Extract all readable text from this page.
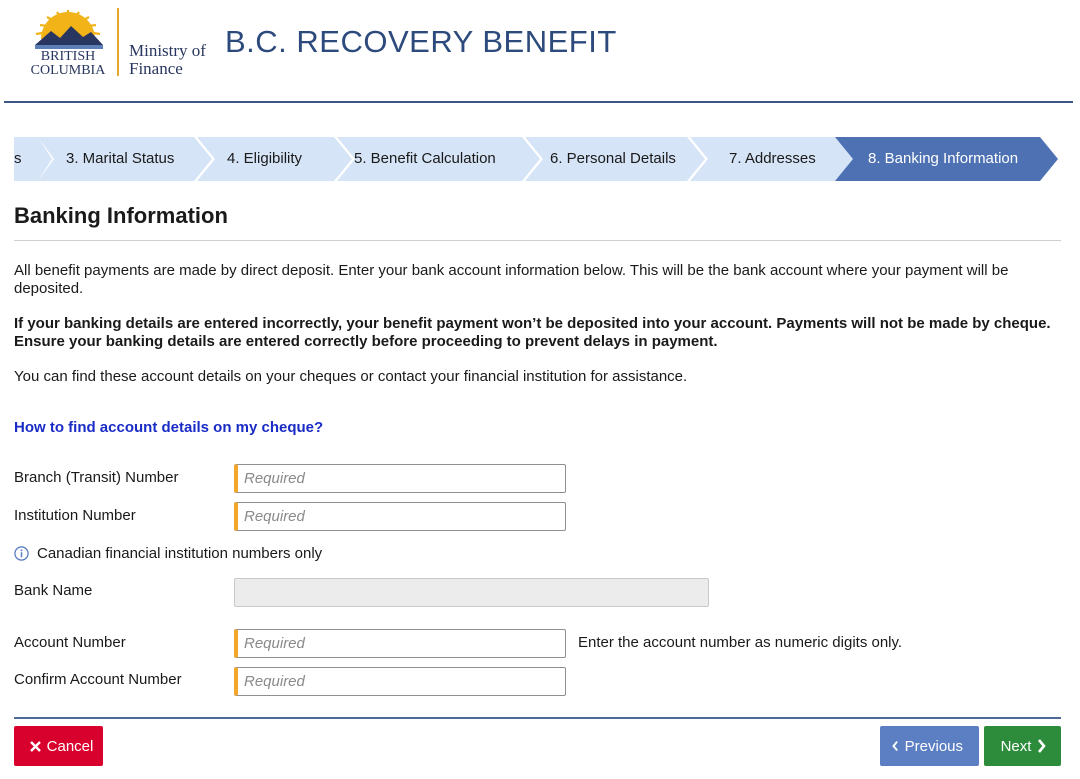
BRITISH
COLUMBIA
Ministry of
Finance
B.C. RECOVERY BENEFIT
s	3. Marital Status	4. Eligibility	5. Benefit Calculation	6. Personal Details	7. Addresses	8. Banking Information
Banking Information
All benefit payments are made by direct deposit. Enter your bank account information below. This will be the bank account where your payment will be deposited.
If your banking details are entered incorrectly, your benefit payment won’t be deposited into your account. Payments will not be made by cheque. Ensure your banking details are entered correctly before proceeding to prevent delays in payment.
You can find these account details on your cheques or contact your financial institution for assistance.
How to find account details on my cheque?
Branch (Transit) Number
Required
Institution Number
Required
Canadian financial institution numbers only
Bank Name
Account Number
Required	Enter the account number as numeric digits only.
Confirm Account Number
Required
Cancel	Previous	Next
